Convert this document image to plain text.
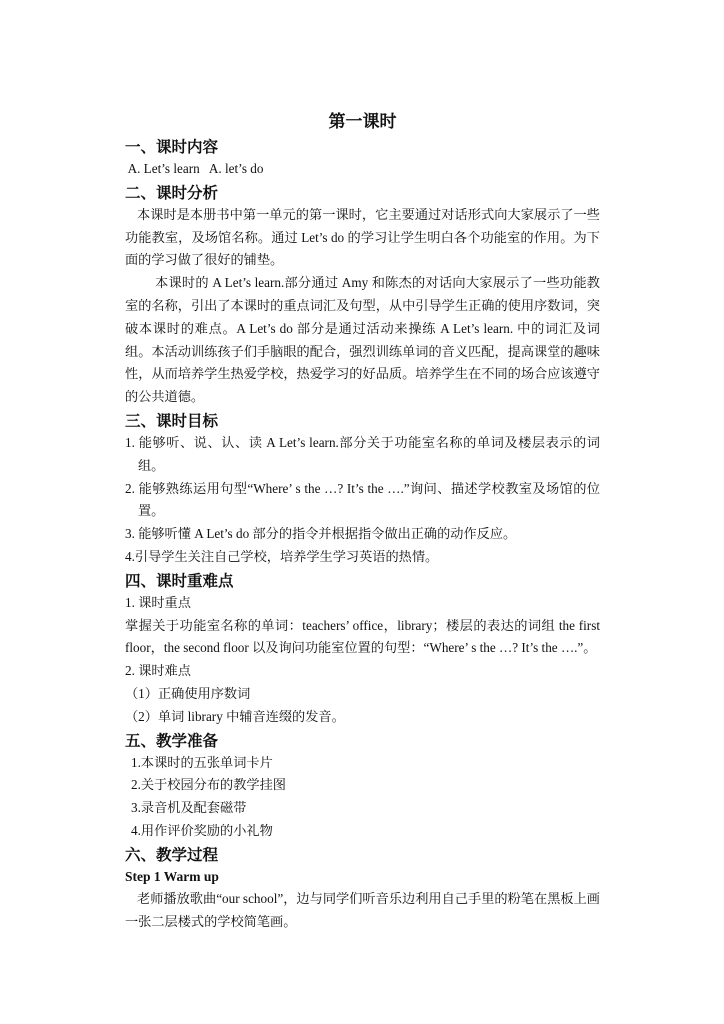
第一课时
一、课时内容
A. Let’s learn   A. let’s do
二、课时分析
本课时是本册书中第一单元的第一课时，它主要通过对话形式向大家展示了一些功能教室，及场馆名称。通过 Let’s do 的学习让学生明白各个功能室的作用。为下面的学习做了很好的铺垫。
本课时的 A Let’s learn.部分通过 Amy 和陈杰的对话向大家展示了一些功能教室的名称，引出了本课时的重点词汇及句型，从中引导学生正确的使用序数词，突破本课时的难点。A Let’s do 部分是通过活动来操练 A Let’s learn. 中的词汇及词组。本活动训练孩子们手脑眼的配合，强烈训练单词的音义匹配，提高课堂的趣味性，从而培养学生热爱学校，热爱学习的好品质。培养学生在不同的场合应该遵守的公共道德。
三、课时目标
1. 能够听、说、认、读 A Let’s learn.部分关于功能室名称的单词及楼层表示的词组。
2. 能够熟练运用句型“Where’ s the …? It’s the ….”询问、描述学校教室及场馆的位置。
3. 能够听懂 A Let’s do 部分的指令并根据指令做出正确的动作反应。
4.引导学生关注自己学校，培养学生学习英语的热情。
四、课时重难点
1. 课时重点
掌握关于功能室名称的单词：teachers’ office，library；楼层的表达的词组 the first floor，the second floor 以及询问功能室位置的句型：“Where’ s the …? It’s the ….”。
2. 课时难点
（1）正确使用序数词
（2）单词 library 中辅音连缀的发音。
五、教学准备
1.本课时的五张单词卡片
2.关于校园分布的教学挂图
3.录音机及配套磁带
4.用作评价奖励的小礼物
六、教学过程
Step 1 Warm up
老师播放歌曲“our school”，边与同学们听音乐边利用自己手里的粉笔在黑板上画一张二层楼式的学校简笔画。
